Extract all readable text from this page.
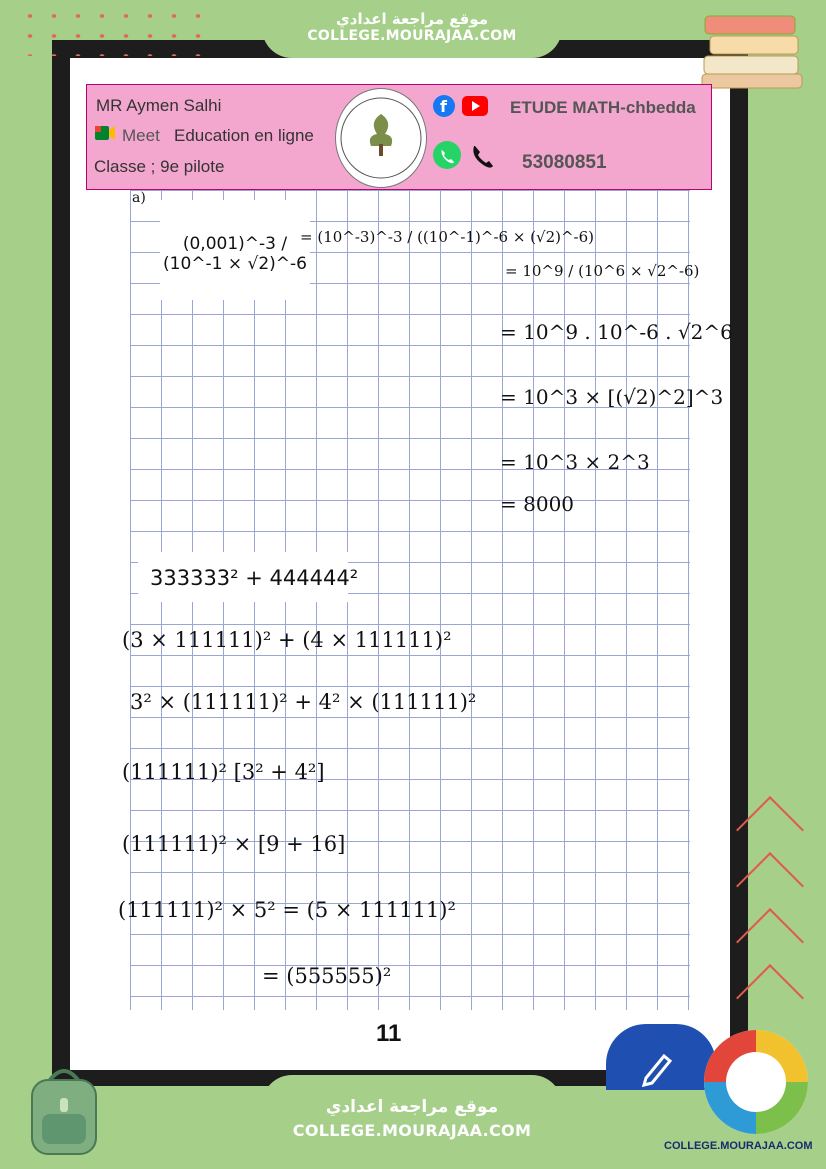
موقع مراجعة اعدادي
COLLEGE.MOURAJAA.COM
MR Aymen Salhi
Meet Education en ligne
Classe ; 9e pilote
f	ETUDE MATH-chbedda
53080851
a)
(0,001)^-3 / (10^-1 × √2)^-6
= (10^-3)^-3 / ((10^-1)^-6 × (√2)^-6)
= 10^9 / (10^6 × √2^-6)
= 10^9 . 10^-6 . √2^6
= 10^3 × [(√2)^2]^3
= 10^3 × 2^3
= 8000
333333² + 444444²
(3 × 111111)² + (4 × 111111)²
3² × (111111)² + 4² × (111111)²
(111111)² [3² + 4²]
(111111)² × [9 + 16]
(111111)² × 5² = (5 × 111111)²
= (555555)²
11
موقع مراجعة اعدادي
COLLEGE.MOURAJAA.COM
COLLEGE.MOURAJAA.COM
